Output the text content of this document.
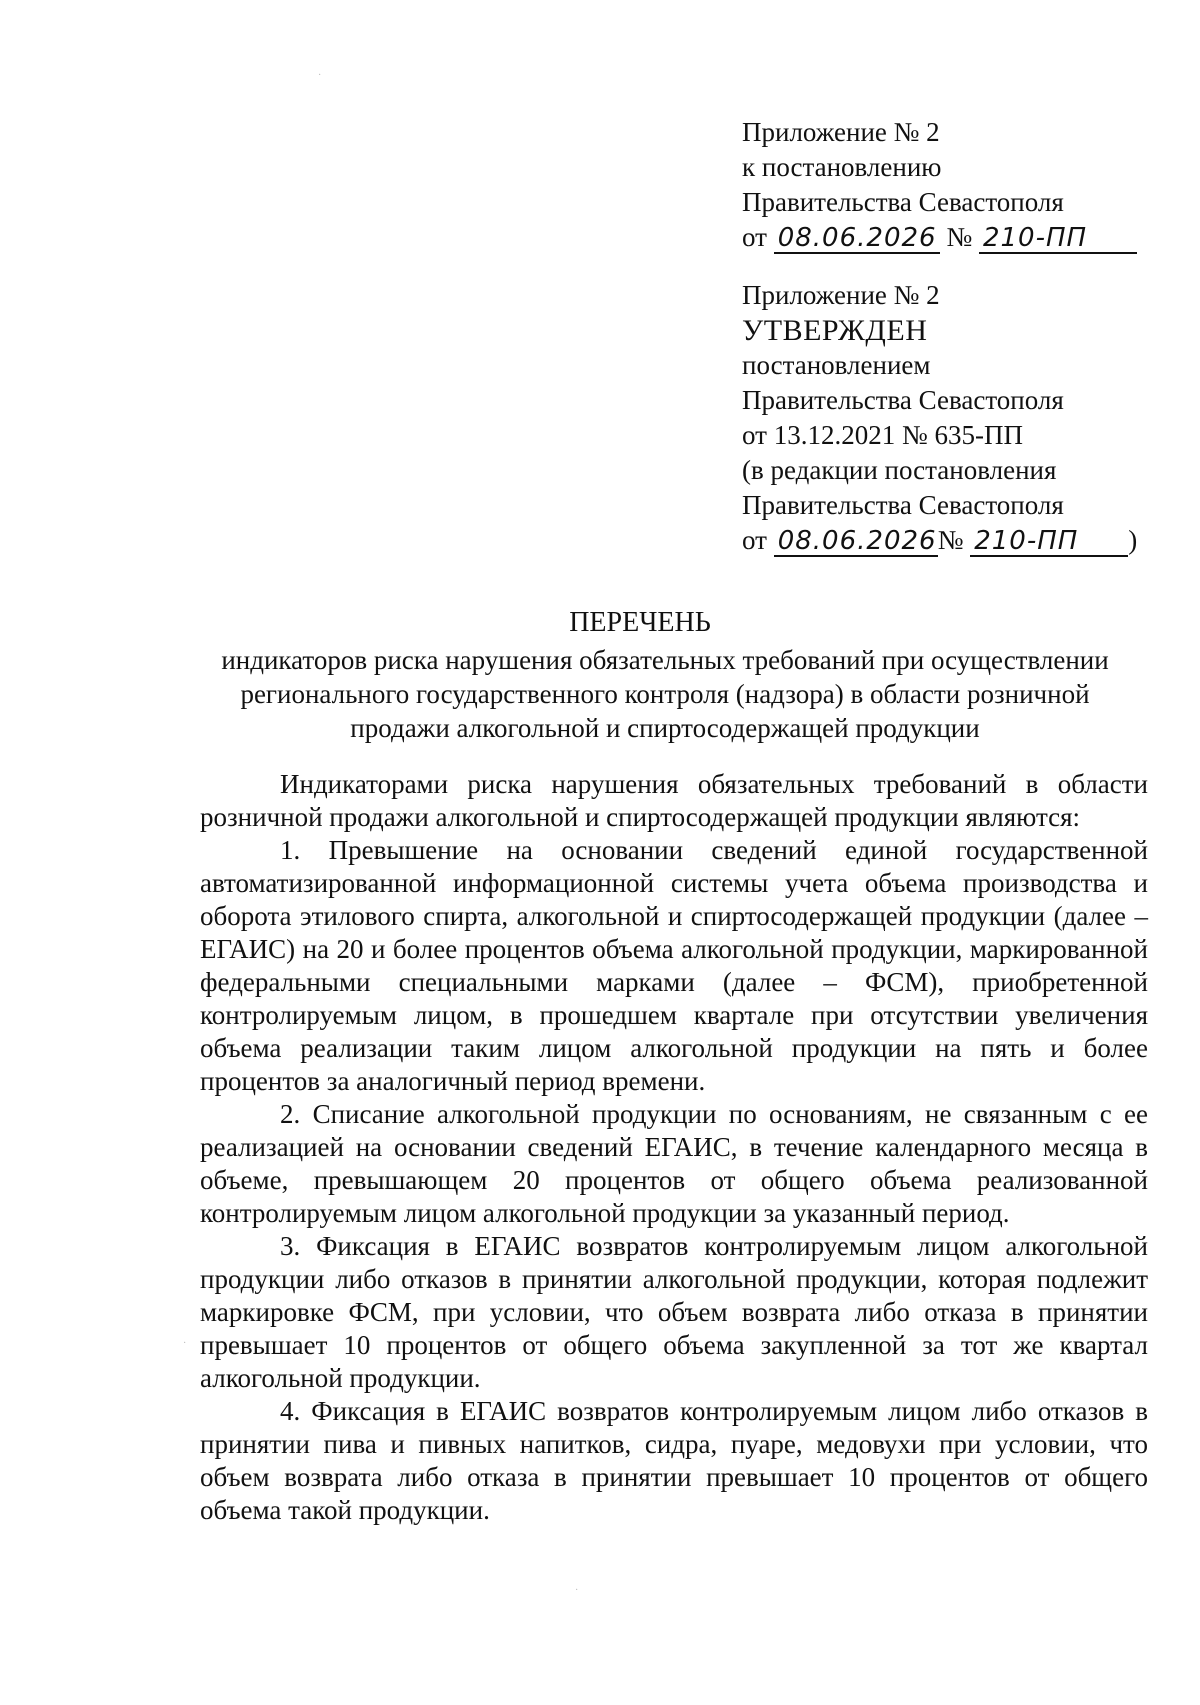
·
Приложение № 2
к постановлению
Правительства Севастополя
от 08.06.2026 № 210-ПП
Приложение № 2
УТВЕРЖДЕН
постановлением
Правительства Севастополя
от 13.12.2021 № 635-ПП
(в редакции постановления
Правительства Севастополя
от 08.06.2026№ 210-ПП )
ПЕРЕЧЕНЬ
индикаторов риска нарушения обязательных требований при осуществлении
регионального государственного контроля (надзора) в области розничной
продажи алкогольной и спиртосодержащей продукции

Индикаторами риска нарушения обязательных требований в области розничной продажи алкогольной и спиртосодержащей продукции являются:

1. Превышение на основании сведений единой государственной автоматизированной информационной системы учета объема производства и оборота этилового спирта, алкогольной и спиртосодержащей продукции (далее – ЕГАИС) на 20 и более процентов объема алкогольной продукции, маркированной федеральными специальными марками (далее – ФСМ), приобретенной контролируемым лицом, в прошедшем квартале при отсутствии увеличения объема реализации таким лицом алкогольной продукции на пять и более процентов за аналогичный период времени.

2. Списание алкогольной продукции по основаниям, не связанным с ее реализацией на основании сведений ЕГАИС, в течение календарного месяца в объеме, превышающем 20 процентов от общего объема реализованной контролируемым лицом алкогольной продукции за указанный период.

3. Фиксация в ЕГАИС возвратов контролируемым лицом алкогольной продукции либо отказов в принятии алкогольной продукции, которая подлежит маркировке ФСМ, при условии, что объем возврата либо отказа в принятии превышает 10 процентов от общего объема закупленной за тот же квартал алкогольной продукции.

4. Фиксация в ЕГАИС возвратов контролируемым лицом либо отказов в принятии пива и пивных напитков, сидра, пуаре, медовухи при условии, что объем возврата либо отказа в принятии превышает 10 процентов от общего объема такой продукции.

·
·
